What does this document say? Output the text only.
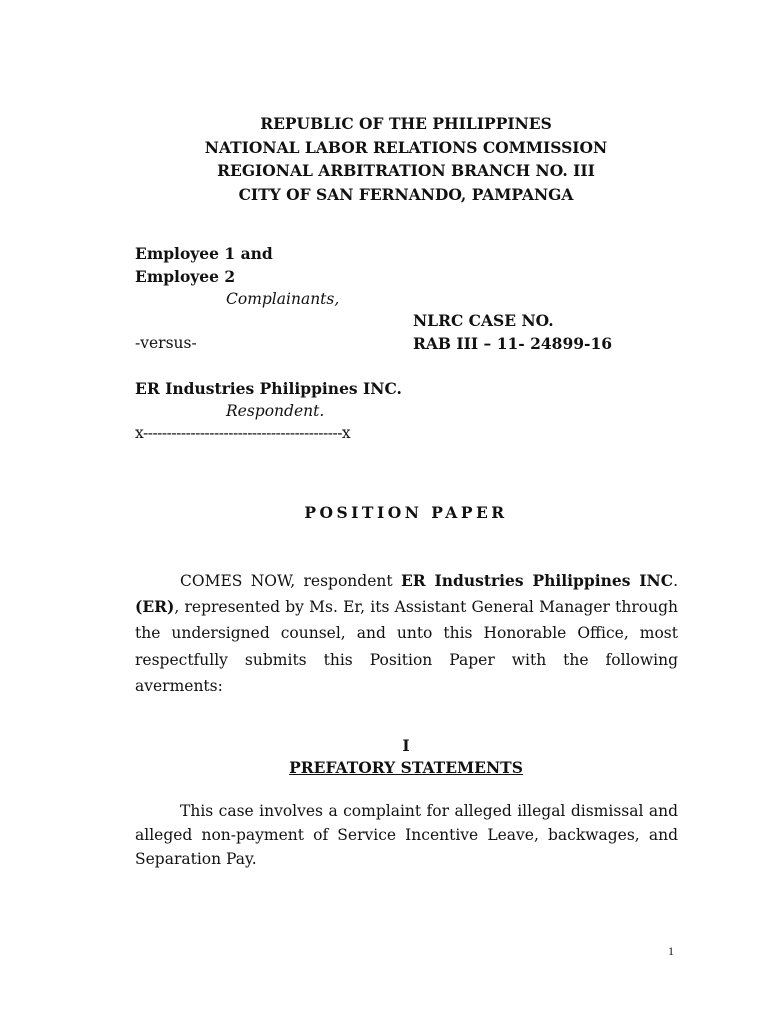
REPUBLIC OF THE PHILIPPINES
NATIONAL LABOR RELATIONS COMMISSION
REGIONAL ARBITRATION BRANCH NO. III
CITY OF SAN FERNANDO, PAMPANGA
Employee 1 and
Employee 2
Complainants,
NLRC CASE NO.
-versus-	RAB III – 11- 24899-16
ER Industries Philippines INC.
Respondent.
x------------------------------------------x
POSITION PAPER
COMES NOW, respondent ER Industries Philippines INC. (ER), represented by Ms. Er, its Assistant General Manager through the undersigned counsel, and unto this Honorable Office, most respectfully submits this Position Paper with the following averments:
I
PREFATORY STATEMENTS
This case involves a complaint for alleged illegal dismissal and alleged non-payment of Service Incentive Leave, backwages, and Separation Pay.
1
